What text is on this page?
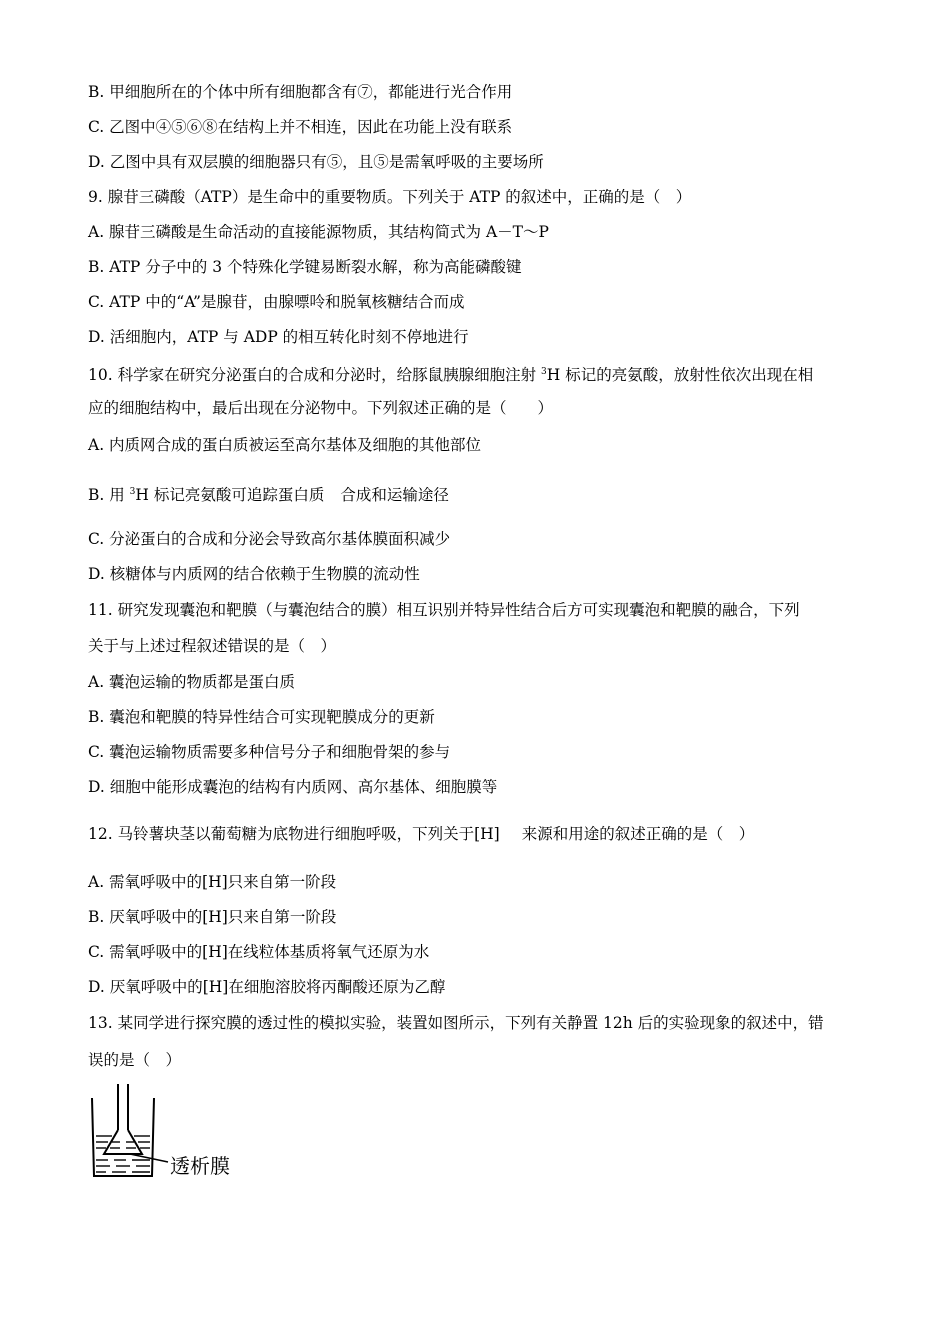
B. 甲细胞所在的个体中所有细胞都含有⑦，都能进行光合作用
C. 乙图中④⑤⑥⑧在结构上并不相连，因此在功能上没有联系
D. 乙图中具有双层膜的细胞器只有⑤，且⑤是需氧呼吸的主要场所
9. 腺苷三磷酸（ATP）是生命中的重要物质。下列关于 ATP 的叙述中，正确的是（　）
A. 腺苷三磷酸是生命活动的直接能源物质，其结构简式为 A－T～P
B. ATP 分子中的 3 个特殊化学键易断裂水解，称为高能磷酸键
C. ATP 中的“A”是腺苷，由腺嘌呤和脱氧核糖结合而成
D. 活细胞内，ATP 与 ADP 的相互转化时刻不停地进行
10. 科学家在研究分泌蛋白的合成和分泌时，给豚鼠胰腺细胞注射 $^3$H 标记的亮氨酸，放射性依次出现在相
应的细胞结构中，最后出现在分泌物中。下列叙述正确的是（　　）
A. 内质网合成的蛋白质被运至高尔基体及细胞的其他部位
B. 用 $^3$H 标记亮氨酸可追踪蛋白质 合成和运输途径
C. 分泌蛋白的合成和分泌会导致高尔基体膜面积减少
D. 核糖体与内质网的结合依赖于生物膜的流动性
11. 研究发现囊泡和靶膜（与囊泡结合的膜）相互识别并特异性结合后方可实现囊泡和靶膜的融合，下列
关于与上述过程叙述错误的是（　）
A. 囊泡运输的物质都是蛋白质
B. 囊泡和靶膜的特异性结合可实现靶膜成分的更新
C. 囊泡运输物质需要多种信号分子和细胞骨架的参与
D. 细胞中能形成囊泡的结构有内质网、高尔基体、细胞膜等
12. 马铃薯块茎以葡萄糖为底物进行细胞呼吸，下列关于[H] 来源和用途的叙述正确的是（　）
A. 需氧呼吸中的[H]只来自第一阶段
B. 厌氧呼吸中的[H]只来自第一阶段
C. 需氧呼吸中的[H]在线粒体基质将氧气还原为水
D. 厌氧呼吸中的[H]在细胞溶胶将丙酮酸还原为乙醇
13. 某同学进行探究膜的透过性的模拟实验，装置如图所示，下列有关静置 12h 后的实验现象的叙述中，错
误的是（　）
透析膜
